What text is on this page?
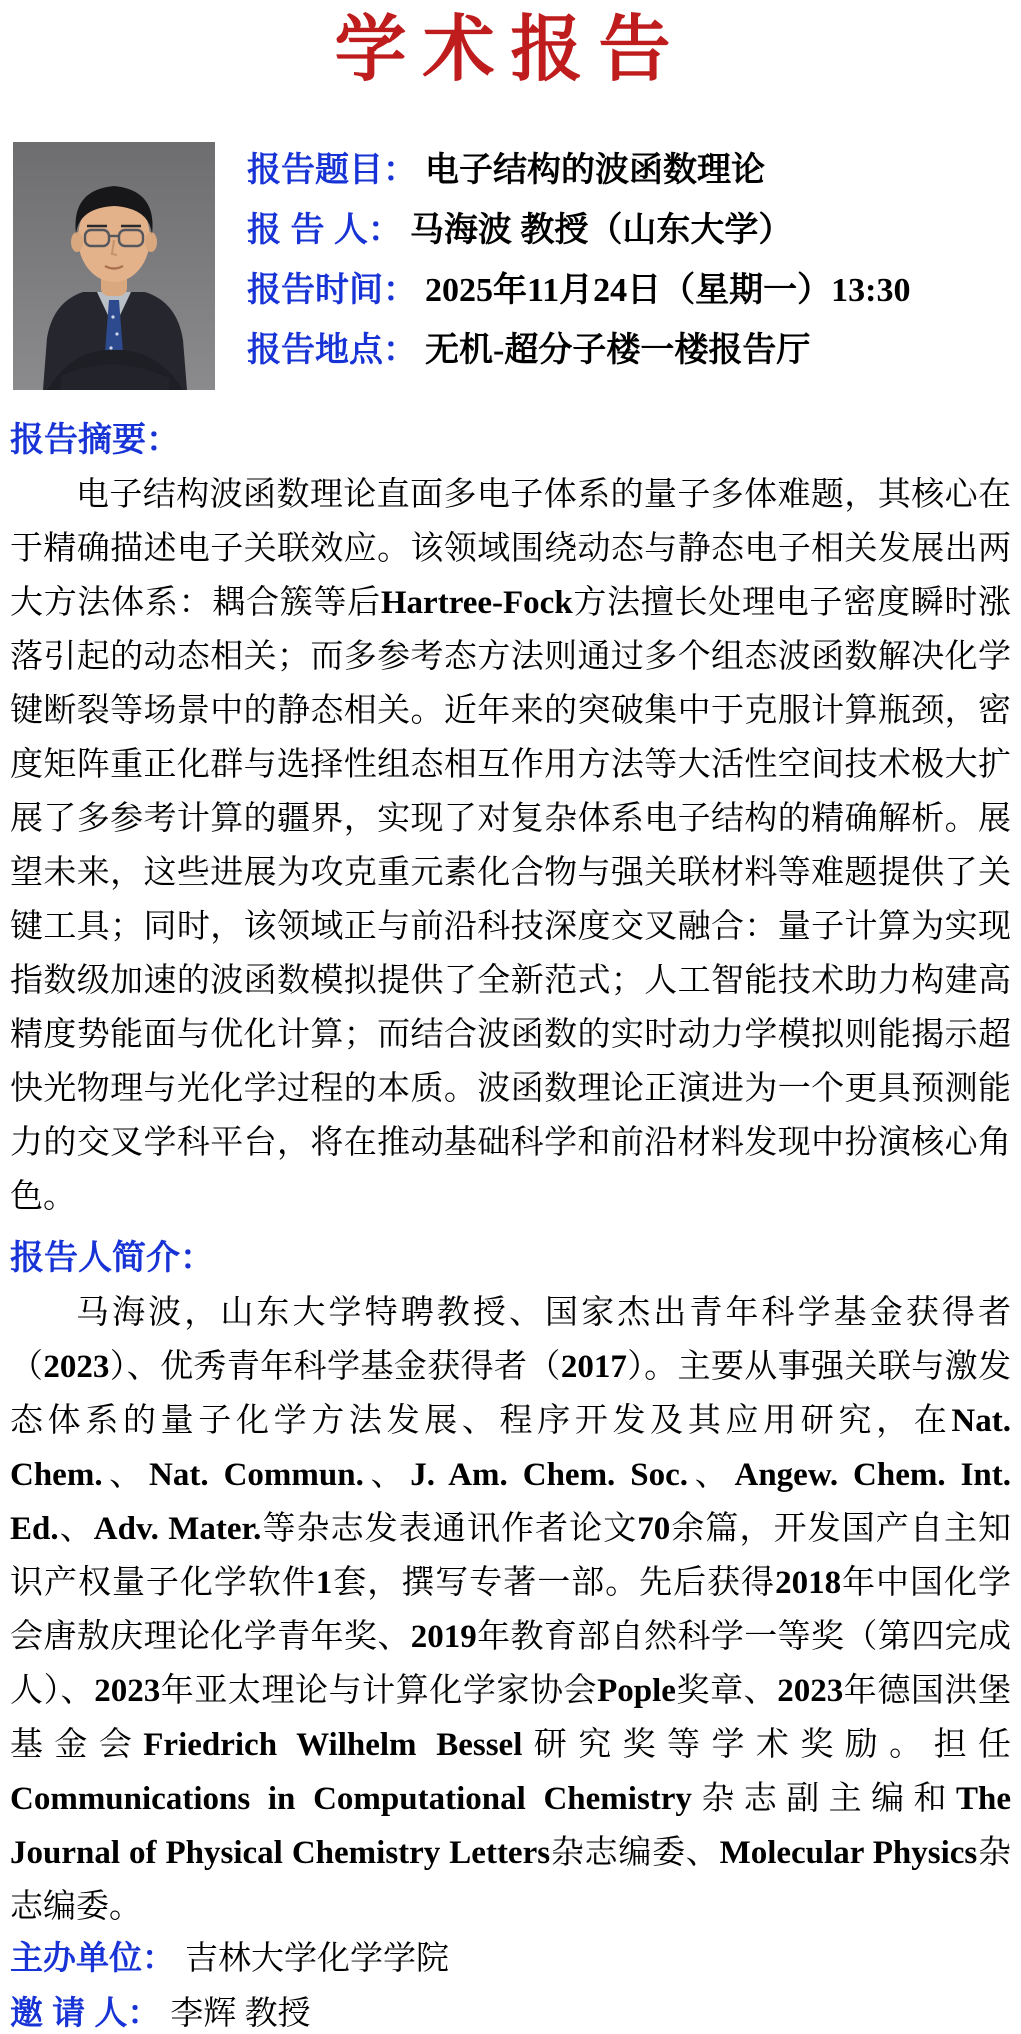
学术报告
报告题目： 电子结构的波函数理论
报 告 人： 马海波 教授（山东大学）
报告时间： 2025年11月24日（星期一）13:30
报告地点： 无机-超分子楼一楼报告厅
报告摘要：

电子结构波函数理论直面多电子体系的量子多体难题，其核心在于精确描述电子关联效应。该领域围绕动态与静态电子相关发展出两大方法体系：耦合簇等后Hartree-Fock方法擅长处理电子密度瞬时涨落引起的动态相关；而多参考态方法则通过多个组态波函数解决化学键断裂等场景中的静态相关。近年来的突破集中于克服计算瓶颈，密度矩阵重正化群与选择性组态相互作用方法等大活性空间技术极大扩展了多参考计算的疆界，实现了对复杂体系电子结构的精确解析。展望未来，这些进展为攻克重元素化合物与强关联材料等难题提供了关键工具；同时，该领域正与前沿科技深度交叉融合：量子计算为实现指数级加速的波函数模拟提供了全新范式；人工智能技术助力构建高精度势能面与优化计算；而结合波函数的实时动力学模拟则能揭示超快光物理与光化学过程的本质。波函数理论正演进为一个更具预测能力的交叉学科平台，将在推动基础科学和前沿材料发现中扮演核心角色。

报告人简介：

马海波，山东大学特聘教授、国家杰出青年科学基金获得者（2023）、优秀青年科学基金获得者（2017）。主要从事强关联与激发态体系的量子化学方法发展、程序开发及其应用研究，在Nat. Chem.、Nat. Commun.、J. Am. Chem. Soc.、Angew. Chem. Int. Ed.、Adv. Mater.等杂志发表通讯作者论文70余篇，开发国产自主知识产权量子化学软件1套，撰写专著一部。先后获得2018年中国化学会唐敖庆理论化学青年奖、2019年教育部自然科学一等奖（第四完成人）、2023年亚太理论与计算化学家协会Pople奖章、2023年德国洪堡基金会Friedrich Wilhelm Bessel研究奖等学术奖励。担任Communications in Computational Chemistry杂志副主编和The Journal of Physical Chemistry Letters杂志编委、Molecular Physics杂志编委。

主办单位： 吉林大学化学学院
邀 请 人： 李辉 教授
